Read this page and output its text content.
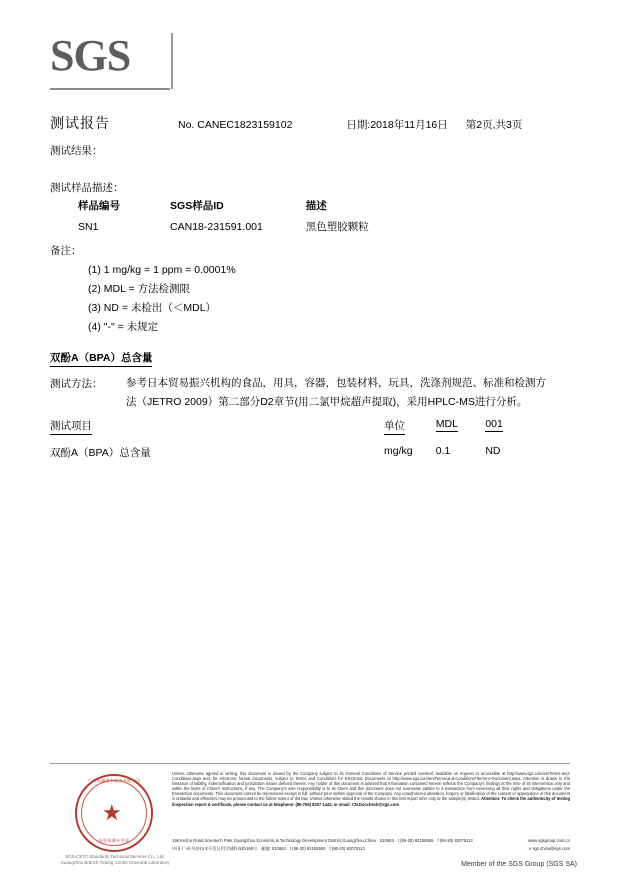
SGS
测试报告	No. CANEC1823159102	日期:2018年11月16日 第2页,共3页
测试结果：
测试样品描述：
样品编号	SGS样品ID	描述
SN1	CAN18-231591.001	黑色塑胶颗粒
备注：
(1) 1 mg/kg = 1 ppm = 0.0001%
(2) MDL = 方法检测限
(3) ND = 未检出（＜MDL）
(4) "-" = 未规定
双酚A（BPA）总含量
测试方法： 参考日本贸易振兴机构的食品，用具，容器，包装材料，玩具，洗涤剂规范、标准和检测方
法（JETRO 2009）第二部分D2章节(用二氯甲烷超声提取)，采用HPLC-MS进行分析。
测试项目	单位	MDL	001
双酚A（BPA）总含量	mg/kg	0.1	ND
广州检测技术服务有限公司
★
检验检测专用章
SGS-CSTC Standards Technical Services Co., Ltd.
Guangzhou Branch Testing Centre Chemical Laboratory
Unless otherwise agreed in writing, this document is issued by the Company subject to its General Conditions of Service printed overleaf, available on request or accessible at http://www.sgs.com/en/Terms-and-Conditions.aspx and, for electronic format documents, subject to Terms and Conditions for Electronic Documents at http://www.sgs.com/en/Terms-and-Conditions/Terms-e-Document.aspx. Attention is drawn to the limitation of liability, indemnification and jurisdiction issues defined therein. Any holder of this document is advised that information contained hereon reflects the Company's findings at the time of its intervention only and within the limits of Client's instructions, if any. The Company's sole responsibility is to its Client and this document does not exonerate parties to a transaction from exercising all their rights and obligations under the transaction documents. This document cannot be reproduced except in full, without prior written approval of the Company. Any unauthorized alteration, forgery or falsification of the content or appearance of this document is unlawful and offenders may be prosecuted to the fullest extent of the law. Unless otherwise stated the results shown in this test report refer only to the sample(s) tested. Attention: To check the authenticity of testing /inspection report & certificate, please contact us at telephone: (86-755) 8307 1443, or email: CN.Doccheck@sgs.com
198 Kezhu Road,Scientech Park Guangzhou Economic & Technology Development District,Guangzhou,China 510663 t (86-20) 82155555 f (86-20) 82075113	www.sgsgroup.com.cn
中国·广州·经济技术开发区科学城科珠路198号 邮编: 510663 t (86-20) 82155555 f (86-20) 82075113	e sgs.china@sgs.com
Member of the SGS Group (SGS SA)
